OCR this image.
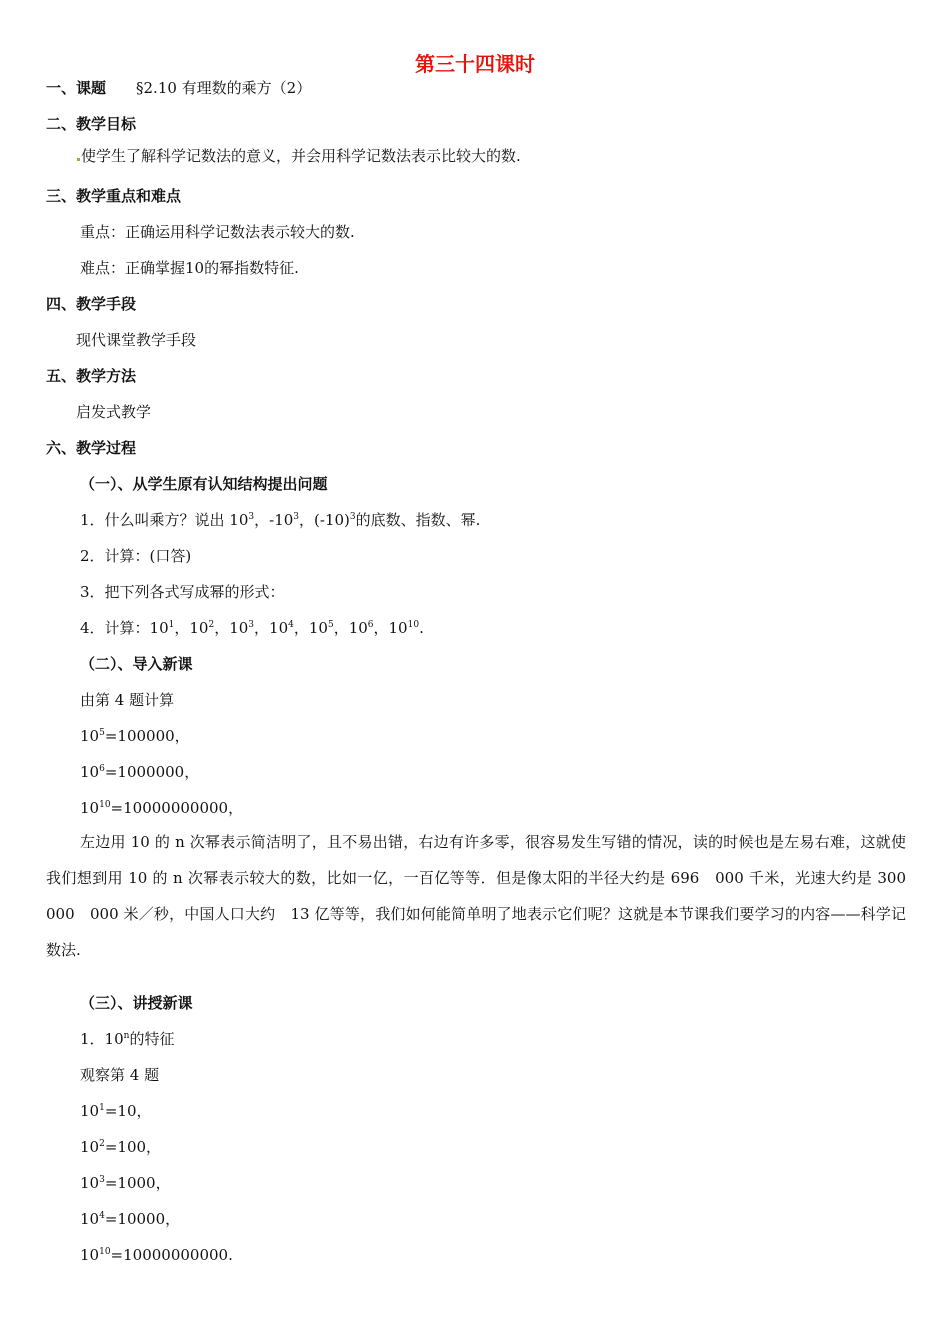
第三十四课时
一、课题 §2.10 有理数的乘方（2）
二、教学目标
使学生了解科学记数法的意义，并会用科学记数法表示比较大的数.
三、教学重点和难点
重点：正确运用科学记数法表示较大的数.
难点：正确掌握10的幂指数特征.
四、教学手段
现代课堂教学手段
五、教学方法
启发式教学
六、教学过程
（一）、从学生原有认知结构提出问题
1．什么叫乘方？说出 $10^3$，$-10^3$，$(-10)^3$的底数、指数、幂.
2．计算：(口答)
3．把下列各式写成幂的形式：
4．计算：$10^1$，$10^2$，$10^3$，$10^4$，$10^5$，$10^6$，$10^{10}$.
（二）、导入新课
由第 4 题计算
$10^5=100000$，
$10^6=1000000$，
$10^{10}=10000000000$，
左边用 10 的 n 次幂表示简洁明了，且不易出错，右边有许多零，很容易发生写错的情况，读的时候也是左易右难，这就使我们想到用 10 的 n 次幂表示较大的数，比如一亿，一百亿等等．但是像太阳的半径大约是 696　000 千米，光速大约是 300　000　000 米／秒，中国人口大约　13 亿等等，我们如何能简单明了地表示它们呢？这就是本节课我们要学习的内容——科学记数法.
（三）、讲授新课
1．10$^n$的特征
观察第 4 题
$10^1=10$，
$10^2=100$，
$10^3=1000$，
$10^4=10000$，
$10^{10}=10000000000$.
